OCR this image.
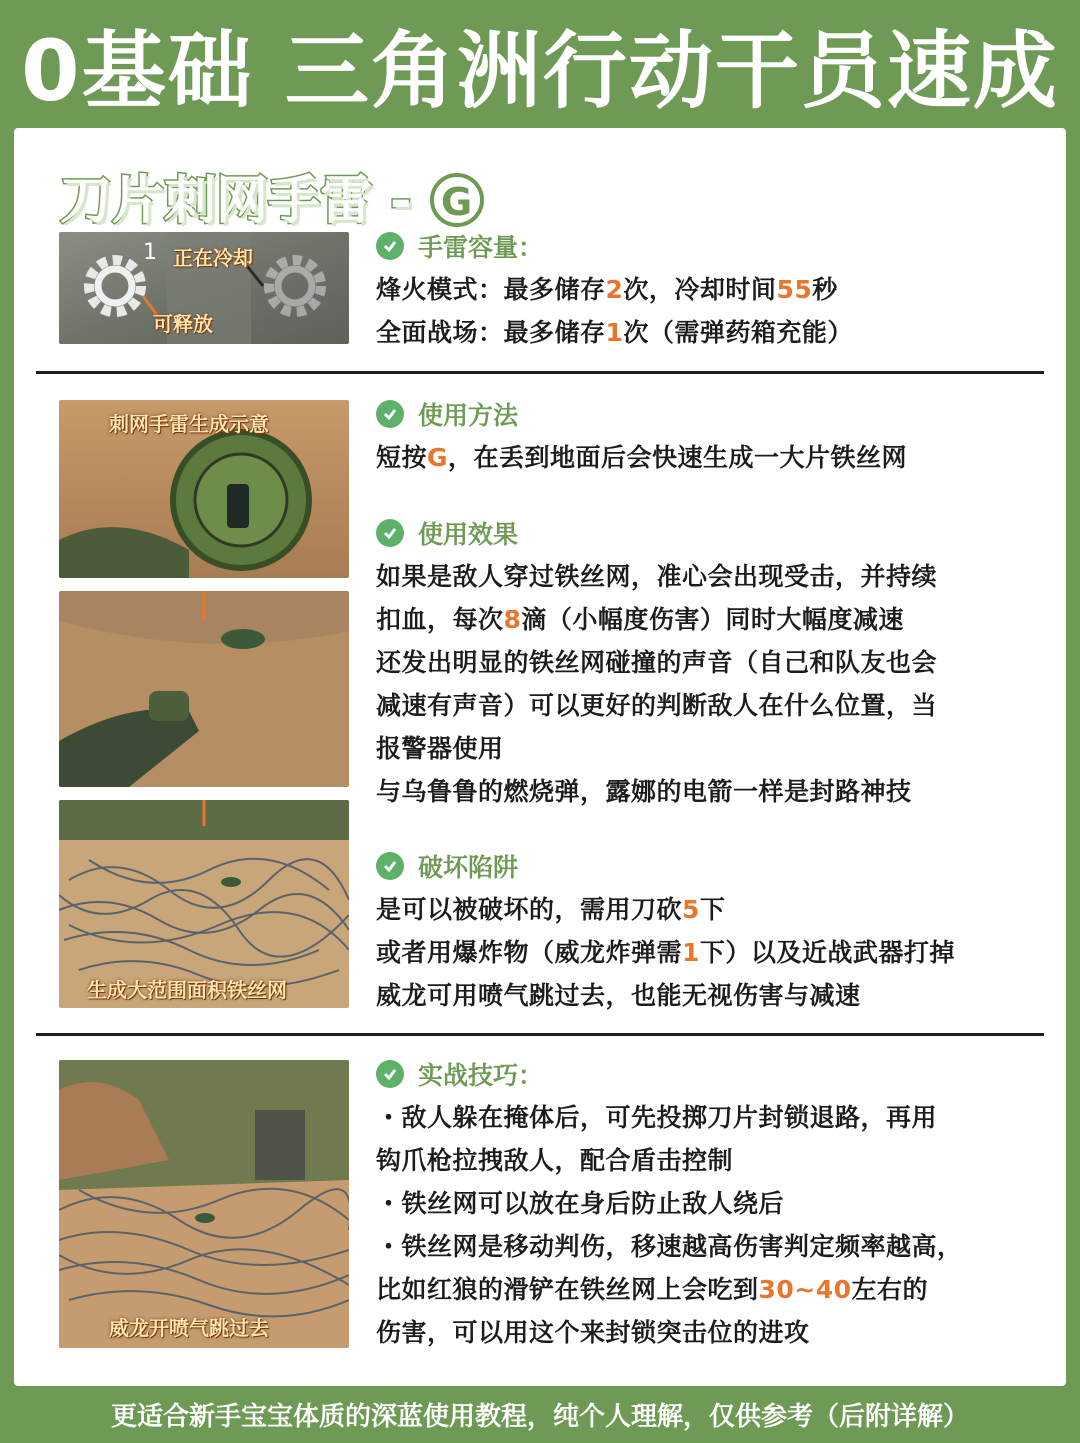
0基础 三角洲行动干员速成
刀片刺网手雷 - G
1 正在冷却
可释放
手雷容量：
烽火模式：最多储存2次，冷却时间55秒
全面战场：最多储存1次（需弹药箱充能）
刺网手雷生成示意
生成大范围面积铁丝网
使用方法
短按G，在丢到地面后会快速生成一大片铁丝网
使用效果
如果是敌人穿过铁丝网，准心会出现受击，并持续
扣血，每次8滴（小幅度伤害）同时大幅度减速
还发出明显的铁丝网碰撞的声音（自己和队友也会
减速有声音）可以更好的判断敌人在什么位置，当
报警器使用
与乌鲁鲁的燃烧弹，露娜的电箭一样是封路神技
破坏陷阱
是可以被破坏的，需用刀砍5下
或者用爆炸物（威龙炸弹需1下）以及近战武器打掉
威龙可用喷气跳过去，也能无视伤害与减速
威龙开喷气跳过去
实战技巧：
・敌人躲在掩体后，可先投掷刀片封锁退路，再用
钩爪枪拉拽敌人，配合盾击控制
・铁丝网可以放在身后防止敌人绕后
・铁丝网是移动判伤，移速越高伤害判定频率越高，
比如红狼的滑铲在铁丝网上会吃到30~40左右的
伤害，可以用这个来封锁突击位的进攻
更适合新手宝宝体质的深蓝使用教程，纯个人理解，仅供参考（后附详解）
